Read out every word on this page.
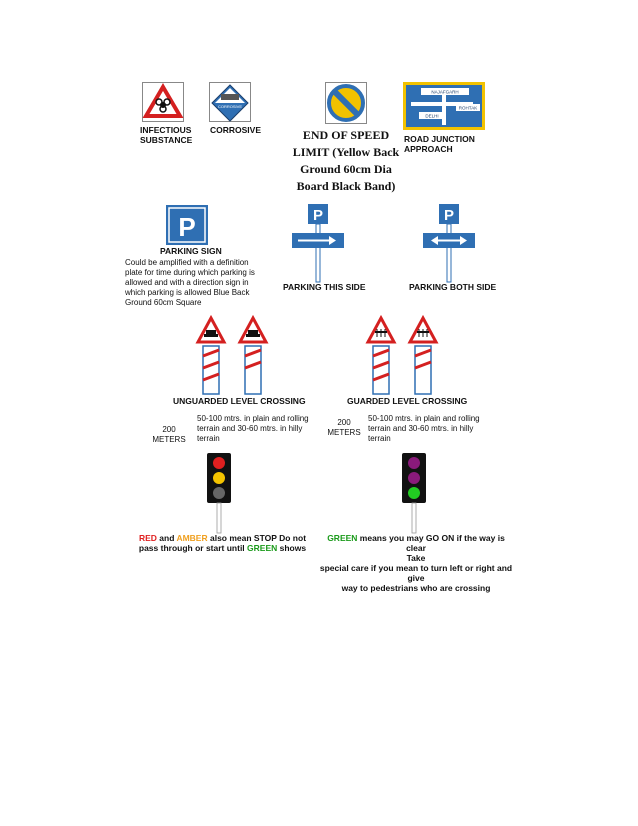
INFECTIOUS
SUBSTANCE
CORROSIVE
CORROSIVE	END OF SPEED LIMIT (Yellow Back Ground 60cm Dia Board Black Band)
NAJAFGARH
ROHTAK
DELHI
ROAD JUNCTION APPROACH
P
PARKING SIGN
Could be amplified with a definition plate for time during which parking is allowed and with a direction sign in which parking is allowed Blue Back Ground 60cm Square
P
PARKING THIS SIDE
P
PARKING BOTH SIDE
UNGUARDED LEVEL CROSSING	GUARDED LEVEL CROSSING
200 METERS
50-100 mtrs. in plain and rolling terrain and 30-60 mtrs. in hilly terrain
200 METERS
50-100 mtrs. in plain and rolling terrain and 30-60 mtrs. in hilly terrain
RED and AMBER also mean STOP Do not pass through or start until GREEN shows
GREEN means you may GO ON if the way is clear
Take
special care if you mean to turn left or right and
give
way to pedestrians who are crossing
